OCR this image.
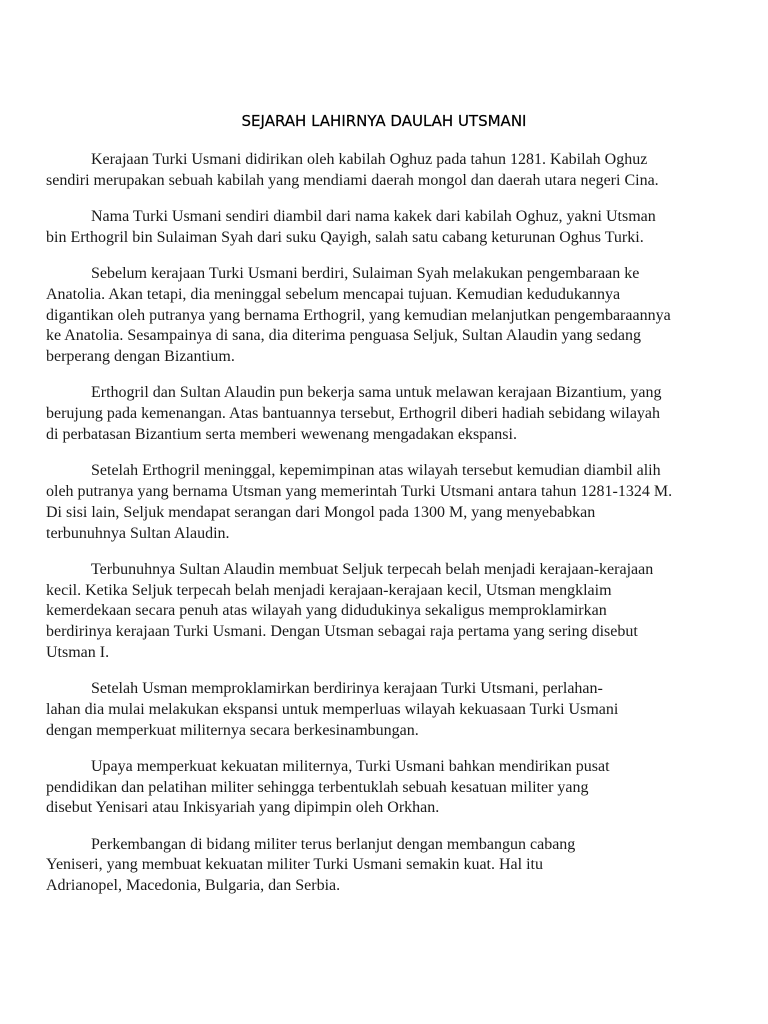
SEJARAH LAHIRNYA DAULAH UTSMANI

Kerajaan Turki Usmani didirikan oleh kabilah Oghuz pada tahun 1281. Kabilah Oghuz
sendiri merupakan sebuah kabilah yang mendiami daerah mongol dan daerah utara negeri Cina.

Nama Turki Usmani sendiri diambil dari nama kakek dari kabilah Oghuz, yakni Utsman
bin Erthogril bin Sulaiman Syah dari suku Qayigh, salah satu cabang keturunan Oghus Turki.

Sebelum kerajaan Turki Usmani berdiri, Sulaiman Syah melakukan pengembaraan ke
Anatolia. Akan tetapi, dia meninggal sebelum mencapai tujuan. Kemudian kedudukannya
digantikan oleh putranya yang bernama Erthogril, yang kemudian melanjutkan pengembaraannya
ke Anatolia. Sesampainya di sana, dia diterima penguasa Seljuk, Sultan Alaudin yang sedang
berperang dengan Bizantium.

Erthogril dan Sultan Alaudin pun bekerja sama untuk melawan kerajaan Bizantium, yang
berujung pada kemenangan. Atas bantuannya tersebut, Erthogril diberi hadiah sebidang wilayah
di perbatasan Bizantium serta memberi wewenang mengadakan ekspansi.

Setelah Erthogril meninggal, kepemimpinan atas wilayah tersebut kemudian diambil alih
oleh putranya yang bernama Utsman yang memerintah Turki Utsmani antara tahun 1281-1324 M.
Di sisi lain, Seljuk mendapat serangan dari Mongol pada 1300 M, yang menyebabkan
terbunuhnya Sultan Alaudin.

Terbunuhnya Sultan Alaudin membuat Seljuk terpecah belah menjadi kerajaan-kerajaan
kecil. Ketika Seljuk terpecah belah menjadi kerajaan-kerajaan kecil, Utsman mengklaim
kemerdekaan secara penuh atas wilayah yang didudukinya sekaligus memproklamirkan
berdirinya kerajaan Turki Usmani. Dengan Utsman sebagai raja pertama yang sering disebut
Utsman I.

Setelah Usman memproklamirkan berdirinya kerajaan Turki Utsmani, perlahan-
lahan dia mulai melakukan ekspansi untuk memperluas wilayah kekuasaan Turki Usmani
dengan memperkuat militernya secara berkesinambungan.

Upaya memperkuat kekuatan militernya, Turki Usmani bahkan mendirikan pusat
pendidikan dan pelatihan militer sehingga terbentuklah sebuah kesatuan militer yang
disebut Yenisari atau Inkisyariah yang dipimpin oleh Orkhan.

Perkembangan di bidang militer terus berlanjut dengan membangun cabang
Yeniseri, yang membuat kekuatan militer Turki Usmani semakin kuat. Hal itu
Adrianopel, Macedonia, Bulgaria, dan Serbia.
